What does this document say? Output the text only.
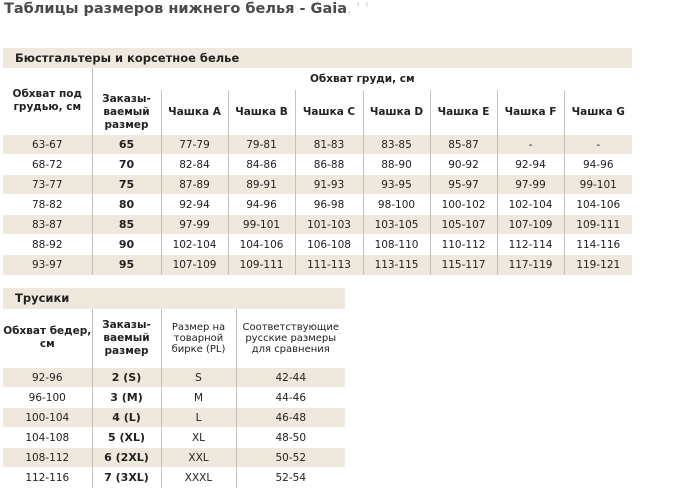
Таблицы размеров нижнего белья - Gaia, ' '
Бюстгальтеры и корсетное белье
Обхват под грудью, см	Обхват груди, см							
	Заказы-ваемый размер	Чашка A	Чашка B	Чашка C	Чашка D	Чашка E	Чашка F	Чашка G
63-67	65	77-79	79-81	81-83	83-85	85-87	-	-
68-72	70	82-84	84-86	86-88	88-90	90-92	92-94	94-96
73-77	75	87-89	89-91	91-93	93-95	95-97	97-99	99-101
78-82	80	92-94	94-96	96-98	98-100	100-102	102-104	104-106
83-87	85	97-99	99-101	101-103	103-105	105-107	107-109	109-111
88-92	90	102-104	104-106	106-108	108-110	110-112	112-114	114-116
93-97	95	107-109	109-111	111-113	113-115	115-117	117-119	119-121
Трусики
Обхват бедер, см	Заказы-ваемый размер	Размер на товарной бирке (PL)	Соответствующие русские размеры для сравнения
92-96	2 (S)	S	42-44
96-100	3 (M)	M	44-46
100-104	4 (L)	L	46-48
104-108	5 (XL)	XL	48-50
108-112	6 (2XL)	XXL	50-52
112-116	7 (3XL)	XXXL	52-54
